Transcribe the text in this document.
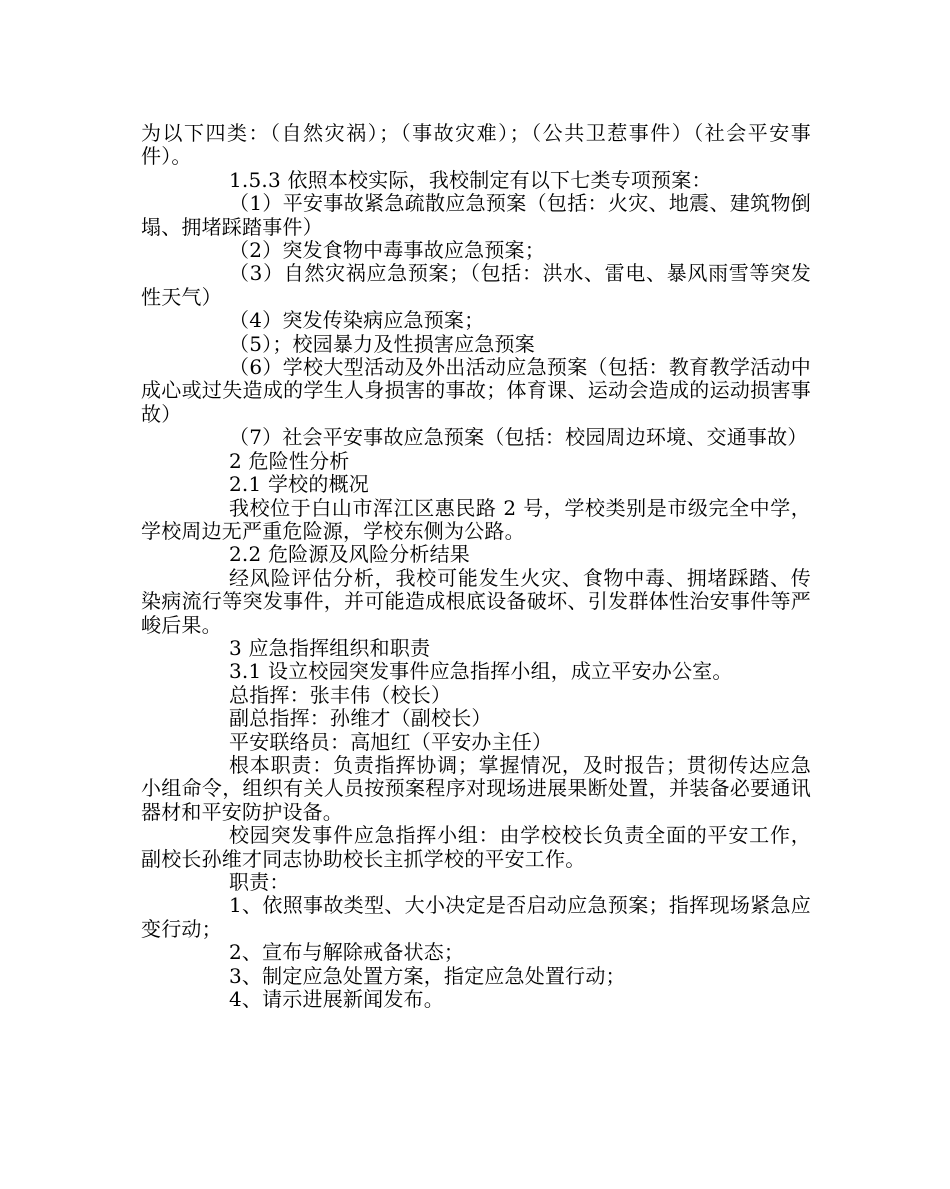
为以下四类：（自然灾祸）；（事故灾难）；（公共卫惹事件）（社会平安事件）。

1.5.3 依照本校实际，我校制定有以下七类专项预案：

（1）平安事故紧急疏散应急预案（包括：火灾、地震、建筑物倒塌、拥堵踩踏事件）

（2）突发食物中毒事故应急预案；

（3）自然灾祸应急预案；（包括：洪水、雷电、暴风雨雪等突发性天气）

（4）突发传染病应急预案；

（5）；校园暴力及性损害应急预案

（6）学校大型活动及外出活动应急预案（包括：教育教学活动中成心或过失造成的学生人身损害的事故；体育课、运动会造成的运动损害事故）

（7）社会平安事故应急预案（包括：校园周边环境、交通事故）

2 危险性分析

2.1 学校的概况

我校位于白山市浑江区惠民路 2 号，学校类别是市级完全中学，学校周边无严重危险源，学校东侧为公路。

2.2 危险源及风险分析结果

经风险评估分析，我校可能发生火灾、食物中毒、拥堵踩踏、传染病流行等突发事件，并可能造成根底设备破坏、引发群体性治安事件等严峻后果。

3 应急指挥组织和职责

3.1 设立校园突发事件应急指挥小组，成立平安办公室。

总指挥：张丰伟（校长）

副总指挥：孙维才（副校长）

平安联络员：高旭红（平安办主任）

根本职责：负责指挥协调；掌握情况，及时报告；贯彻传达应急小组命令，组织有关人员按预案程序对现场进展果断处置，并装备必要通讯器材和平安防护设备。

校园突发事件应急指挥小组：由学校校长负责全面的平安工作，副校长孙维才同志协助校长主抓学校的平安工作。

职责：

1、依照事故类型、大小决定是否启动应急预案；指挥现场紧急应变行动；

2、宣布与解除戒备状态；

3、制定应急处置方案，指定应急处置行动；

4、请示进展新闻发布。
